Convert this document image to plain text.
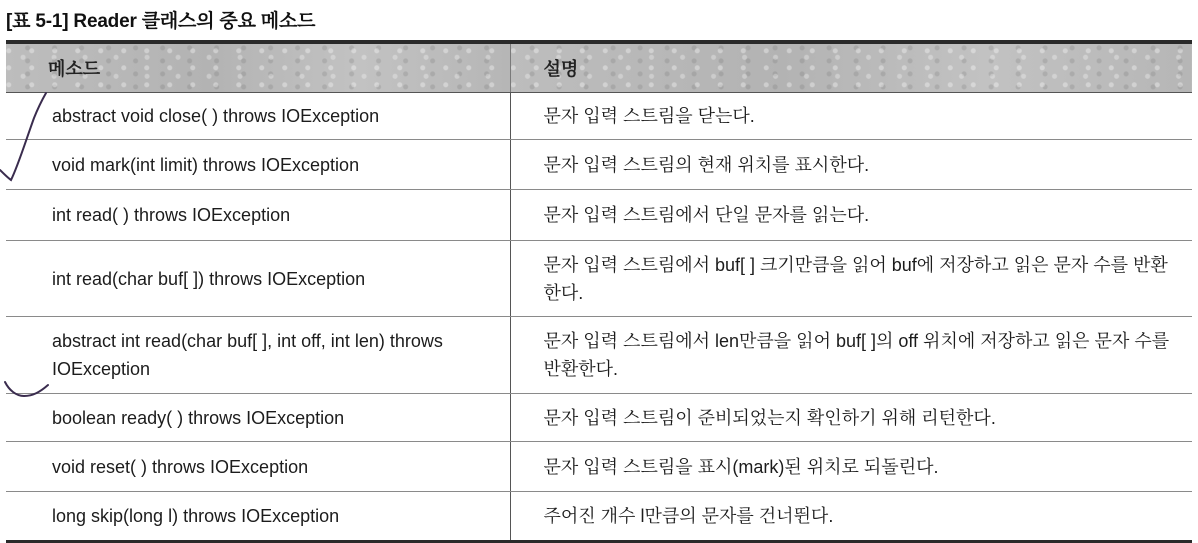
[표 5-1] Reader 클래스의 중요 메소드
메소드	설명
abstract void close( ) throws IOException	문자 입력 스트림을 닫는다.
void mark(int limit) throws IOException	문자 입력 스트림의 현재 위치를 표시한다.
int read( ) throws IOException	문자 입력 스트림에서 단일 문자를 읽는다.
int read(char buf[ ]) throws IOException	문자 입력 스트림에서 buf[ ] 크기만큼을 읽어 buf에 저장하고 읽은 문자 수를 반환한다.
abstract int read(char buf[ ], int off, int len) throws IOException	문자 입력 스트림에서 len만큼을 읽어 buf[ ]의 off 위치에 저장하고 읽은 문자 수를 반환한다.
boolean ready( ) throws IOException	문자 입력 스트림이 준비되었는지 확인하기 위해 리턴한다.
void reset( ) throws IOException	문자 입력 스트림을 표시(mark)된 위치로 되돌린다.
long skip(long l) throws IOException	주어진 개수 l만큼의 문자를 건너뛴다.
